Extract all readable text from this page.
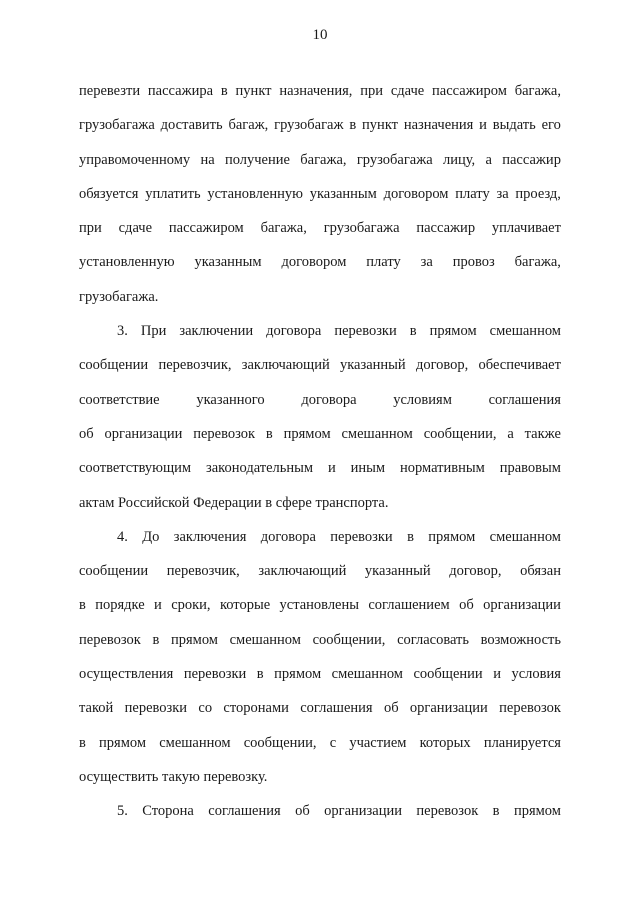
10
перевезти пассажира в пункт назначения, при сдаче пассажиром багажа,
грузобагажа доставить багаж, грузобагаж в пункт назначения и выдать его
управомоченному на получение багажа, грузобагажа лицу, а пассажир
обязуется уплатить установленную указанным договором плату за проезд,
при сдаче пассажиром багажа, грузобагажа пассажир уплачивает
установленную указанным договором плату за провоз багажа,
грузобагажа.
3. При заключении договора перевозки в прямом смешанном
сообщении перевозчик, заключающий указанный договор, обеспечивает
соответствие	указанного	договора	условиям	соглашения
об организации перевозок в прямом смешанном сообщении, а также
соответствующим законодательным и иным нормативным правовым
актам Российской Федерации в сфере транспорта.
4. До заключения договора перевозки в прямом смешанном
сообщении перевозчик, заключающий указанный договор, обязан
в порядке и сроки, которые установлены соглашением об организации
перевозок в прямом смешанном сообщении, согласовать возможность
осуществления перевозки в прямом смешанном сообщении и условия
такой перевозки со сторонами соглашения об организации перевозок
в прямом смешанном сообщении, с участием которых планируется
осуществить такую перевозку.
5. Сторона соглашения об организации перевозок в прямом
